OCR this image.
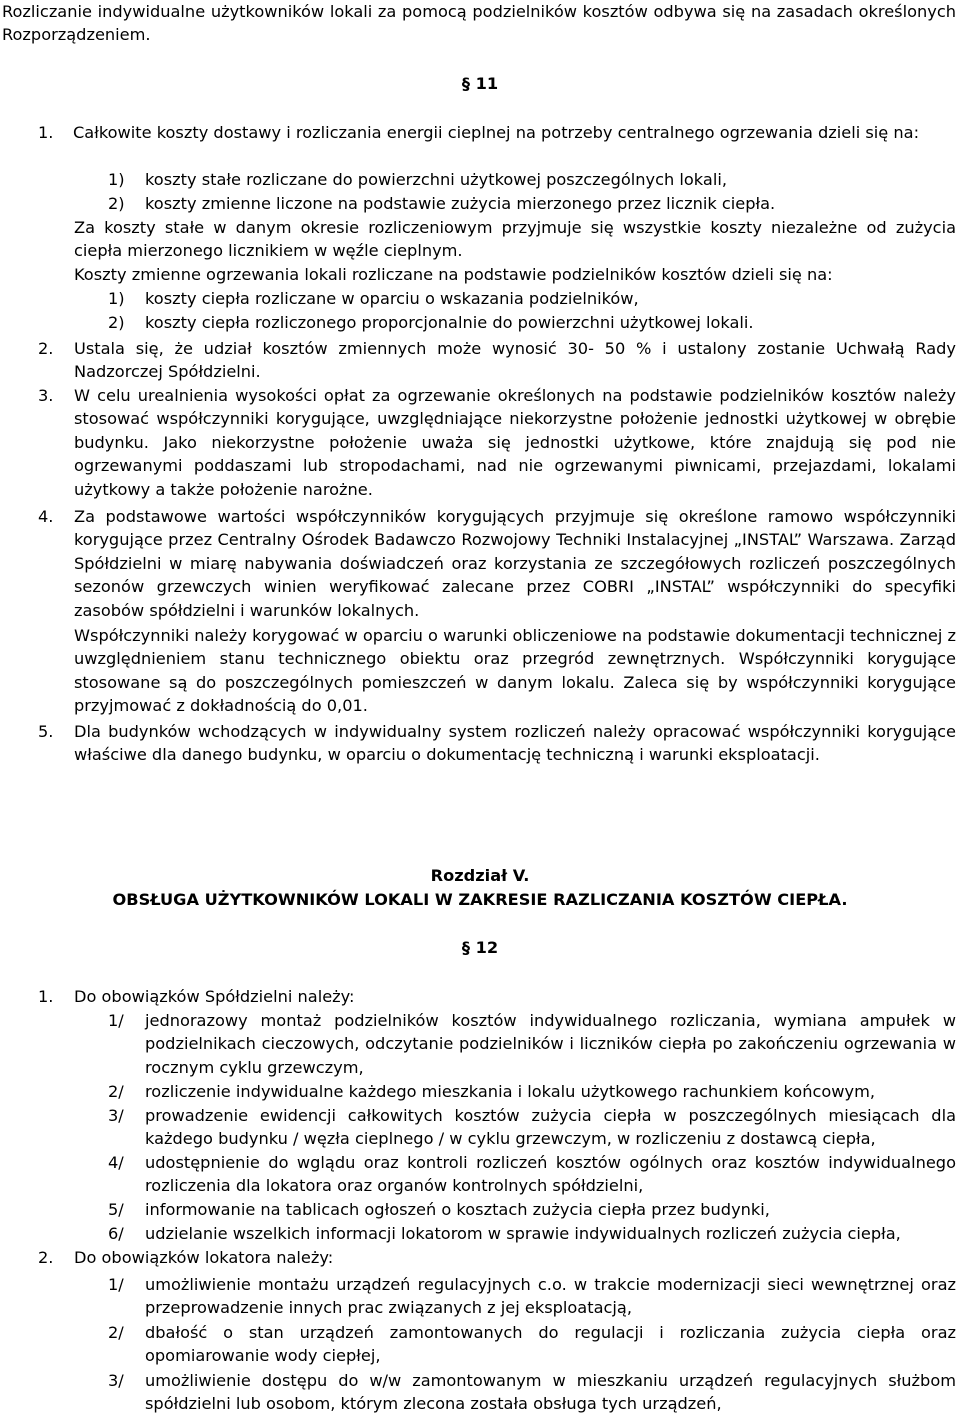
Rozliczanie indywidualne użytkowników lokali za pomocą podzielników kosztów odbywa się na zasadach określonych Rozporządzeniem.

§ 11

1. Całkowite koszty dostawy i rozliczania energii cieplnej na potrzeby centralnego ogrzewania dzieli się na:

1) koszty stałe rozliczane do powierzchni użytkowej poszczególnych lokali,

2) koszty zmienne liczone na podstawie zużycia mierzonego przez licznik ciepła.

Za koszty stałe w danym okresie rozliczeniowym przyjmuje się wszystkie koszty niezależne od zużycia ciepła mierzonego licznikiem w węźle cieplnym.

Koszty zmienne ogrzewania lokali rozliczane na podstawie podzielników kosztów dzieli się na:

1) koszty ciepła rozliczane w oparciu o wskazania podzielników,

2) koszty ciepła rozliczonego proporcjonalnie do powierzchni użytkowej lokali.

2. Ustala się, że udział kosztów zmiennych może wynosić 30- 50 % i ustalony zostanie Uchwałą Rady Nadzorczej Spółdzielni.

3. W celu urealnienia wysokości opłat za ogrzewanie określonych na podstawie podzielników kosztów należy stosować współczynniki korygujące, uwzględniające niekorzystne położenie jednostki użytkowej w obrębie budynku. Jako niekorzystne położenie uważa się jednostki użytkowe, które znajdują się pod nie ogrzewanymi poddaszami lub stropodachami, nad nie ogrzewanymi piwnicami, przejazdami, lokalami użytkowy a także położenie narożne.

4. Za podstawowe wartości współczynników korygujących przyjmuje się określone ramowo współczynniki korygujące przez Centralny Ośrodek Badawczo Rozwojowy Techniki Instalacyjnej „INSTAL” Warszawa. Zarząd Spółdzielni w miarę nabywania doświadczeń oraz korzystania ze szczegółowych rozliczeń poszczególnych sezonów grzewczych winien weryfikować zalecane przez COBRI „INSTAL” współczynniki do specyfiki zasobów spółdzielni i warunków lokalnych.

Współczynniki należy korygować w oparciu o warunki obliczeniowe na podstawie dokumentacji technicznej z uwzględnieniem stanu technicznego obiektu oraz przegród zewnętrznych. Współczynniki korygujące stosowane są do poszczególnych pomieszczeń w danym lokalu. Zaleca się by współczynniki korygujące przyjmować z dokładnością do 0,01.

5. Dla budynków wchodzących w indywidualny system rozliczeń należy opracować współczynniki korygujące właściwe dla danego budynku, w oparciu o dokumentację techniczną i warunki eksploatacji.

Rozdział V.

OBSŁUGA UŻYTKOWNIKÓW LOKALI W ZAKRESIE RAZLICZANIA KOSZTÓW CIEPŁA.

§ 12

1. Do obowiązków Spółdzielni należy:

1/ jednorazowy montaż podzielników kosztów indywidualnego rozliczania, wymiana ampułek w podzielnikach cieczowych, odczytanie podzielników i liczników ciepła po zakończeniu ogrzewania w rocznym cyklu grzewczym,

2/ rozliczenie indywidualne każdego mieszkania i lokalu użytkowego rachunkiem końcowym,

3/ prowadzenie ewidencji całkowitych kosztów zużycia ciepła w poszczególnych miesiącach dla każdego budynku / węzła cieplnego / w cyklu grzewczym, w rozliczeniu z dostawcą ciepła,

4/ udostępnienie do wglądu oraz kontroli rozliczeń kosztów ogólnych oraz kosztów indywidualnego rozliczenia dla lokatora oraz organów kontrolnych spółdzielni,

5/ informowanie na tablicach ogłoszeń o kosztach zużycia ciepła przez budynki,

6/ udzielanie wszelkich informacji lokatorom w sprawie indywidualnych rozliczeń zużycia ciepła,

2. Do obowiązków lokatora należy:

1/ umożliwienie montażu urządzeń regulacyjnych c.o. w trakcie modernizacji sieci wewnętrznej oraz przeprowadzenie innych prac związanych z jej eksploatacją,

2/ dbałość o stan urządzeń zamontowanych do regulacji i rozliczania zużycia ciepła oraz opomiarowanie wody ciepłej,

3/ umożliwienie dostępu do w/w zamontowanym w mieszkaniu urządzeń regulacyjnych służbom spółdzielni lub osobom, którym zlecona została obsługa tych urządzeń,
